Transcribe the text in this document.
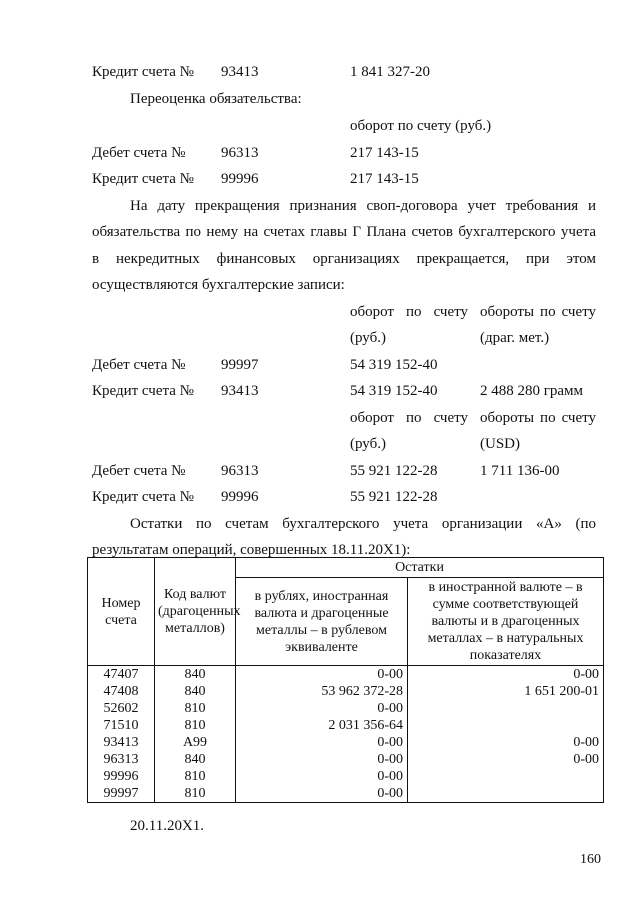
Кредит счета № 93413	1 841 327-20
Переоценка обязательства:
оборот по счету (руб.)
Дебет счета № 96313	217 143-15
Кредит счета № 99996	217 143-15
На дату прекращения признания своп-договора учет требования и
обязательства по нему на счетах главы Г Плана счетов бухгалтерского учета
в некредитных финансовых организациях прекращается, при этом
осуществляются бухгалтерские записи:
оборот по счету обороты по счету
(руб.)	(драг. мет.)
Дебет счета № 99997	54 319 152-40
Кредит счета № 93413	54 319 152-40	2 488 280 грамм
оборот по счету обороты по счету
(руб.)	(USD)
Дебет счета № 96313	55 921 122-28	1 711 136-00
Кредит счета № 99996	55 921 122-28
Остатки по счетам бухгалтерского учета организации «А» (по
результатам операций, совершенных 18.11.20Х1):
Номер счета	Код валют (драгоценных металлов)	Остатки	
		в рублях, иностранная валюта и драгоценные металлы – в рублевом эквиваленте	в иностранной валюте – в сумме соответствующей валюты и в драгоценных металлах – в натуральных показателях
47407	840	0-00	0-00
47408	840	53 962 372-28	1 651 200-01
52602	810	0-00	
71510	810	2 031 356-64	
93413	A99	0-00	0-00
96313	840	0-00	0-00
99996	810	0-00	
99997	810	0-00	
20.11.20Х1.
160
